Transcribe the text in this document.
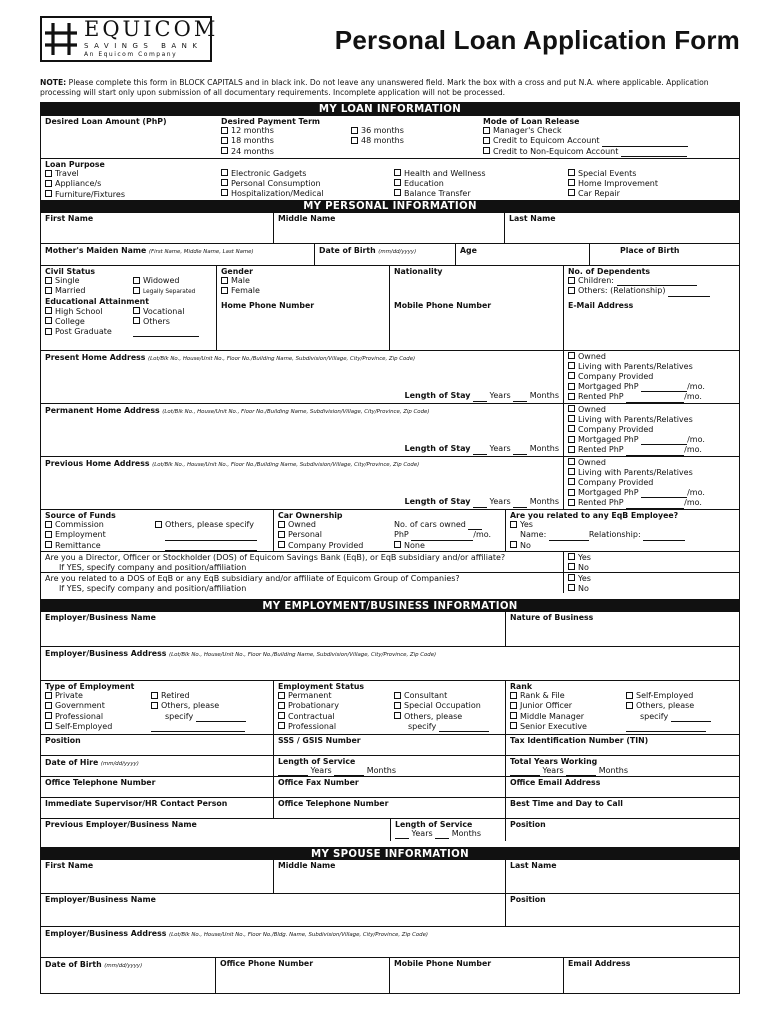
EQUICOM
SAVINGS BANK
An Equicom Company	Personal Loan Application Form
NOTE: Please complete this form in BLOCK CAPITALS and in black ink. Do not leave any unanswered field. Mark the box with a cross and put N.A. where applicable. Application processing will start only upon submission of all documentary requirements. Incomplete application will not be processed.
MY LOAN INFORMATION
Desired Loan Amount (PhP)	Desired Payment Term
12 months
18 months
24 months
36 months
48 months
Mode of Loan Release
Manager's Check
Credit to Equicom Account
Credit to Non-Equicom Account
Loan Purpose
Travel
Appliance/s
Furniture/Fixtures
Electronic Gadgets
Personal Consumption
Hospitalization/Medical
Health and Wellness
Education
Balance Transfer
Special Events
Home Improvement
Car Repair
MY PERSONAL INFORMATION
First Name	Middle Name	Last Name
Mother's Maiden Name (First Name, Middle Name, Last Name)	Date of Birth (mm/dd/yyyy)	Age	Place of Birth
Civil Status
Single
Married
Widowed
Legally Separated
Educational Attainment
High School
College
Post Graduate
Vocational
Others
Gender
Male
Female
Home Phone Number
Nationality
Mobile Phone Number
No. of Dependents
Children:
Others: (Relationship)
E-Mail Address
Present Home Address (Lot/Blk No., House/Unit No., Floor No./Building Name, Subdivision/Village, City/Province, Zip Code)
Length of Stay Years Months
Owned
Living with Parents/Relatives
Company Provided
Mortgaged PhP	/mo.
Rented PhP	/mo.
Permanent Home Address (Lot/Blk No., House/Unit No., Floor No./Building Name, Subdivision/Village, City/Province, Zip Code)
Length of Stay Years Months
Owned
Living with Parents/Relatives
Company Provided
Mortgaged PhP	/mo.
Rented PhP	/mo.
Previous Home Address (Lot/Blk No., House/Unit No., Floor No./Building Name, Subdivision/Village, City/Province, Zip Code)
Length of Stay Years Months
Owned
Living with Parents/Relatives
Company Provided
Mortgaged PhP	/mo.
Rented PhP	/mo.
Source of Funds
Commission
Employment
Remittance
Others, please specify
Car Ownership
Owned
Personal
Company Provided
No. of cars owned
PhP	/mo.
None
Are you related to any EqB Employee?
Yes
Name:	Relationship:
No
Are you a Director, Officer or Stockholder (DOS) of Equicom Savings Bank (EqB), or EqB subsidiary and/or affiliate?
If YES, specify company and position/affiliation
Yes
No
Are you related to a DOS of EqB or any EqB subsidiary and/or affiliate of Equicom Group of Companies?
If YES, specify company and position/affiliation
Yes
No
MY EMPLOYMENT/BUSINESS INFORMATION
Employer/Business Name	Nature of Business
Employer/Business Address (Lot/Blk No., House/Unit No., Floor No./Building Name, Subdivision/Village, City/Province, Zip Code)
Type of Employment
Private
Government
Professional
Self-Employed
Retired
Others, please
specify
Employment Status
Permanent
Probationary
Contractual
Professional
Consultant
Special Occupation
Others, please
specify
Rank
Rank & File
Junior Officer
Middle Manager
Senior Executive
Self-Employed
Others, please
specify
Position	SSS / GSIS Number	Tax Identification Number (TIN)
Date of Hire (mm/dd/yyyy)	Length of Service
Years	Months
Total Years Working
Years	Months
Office Telephone Number	Office Fax Number	Office Email Address
Immediate Supervisor/HR Contact Person	Office Telephone Number	Best Time and Day to Call
Previous Employer/Business Name	Length of Service
Years Months
Position
MY SPOUSE INFORMATION
First Name	Middle Name	Last Name
Employer/Business Name	Position
Employer/Business Address (Lot/Blk No., House/Unit No., Floor No./Bldg. Name, Subdivision/Village, City/Province, Zip Code)
Date of Birth (mm/dd/yyyy)	Office Phone Number	Mobile Phone Number	Email Address
